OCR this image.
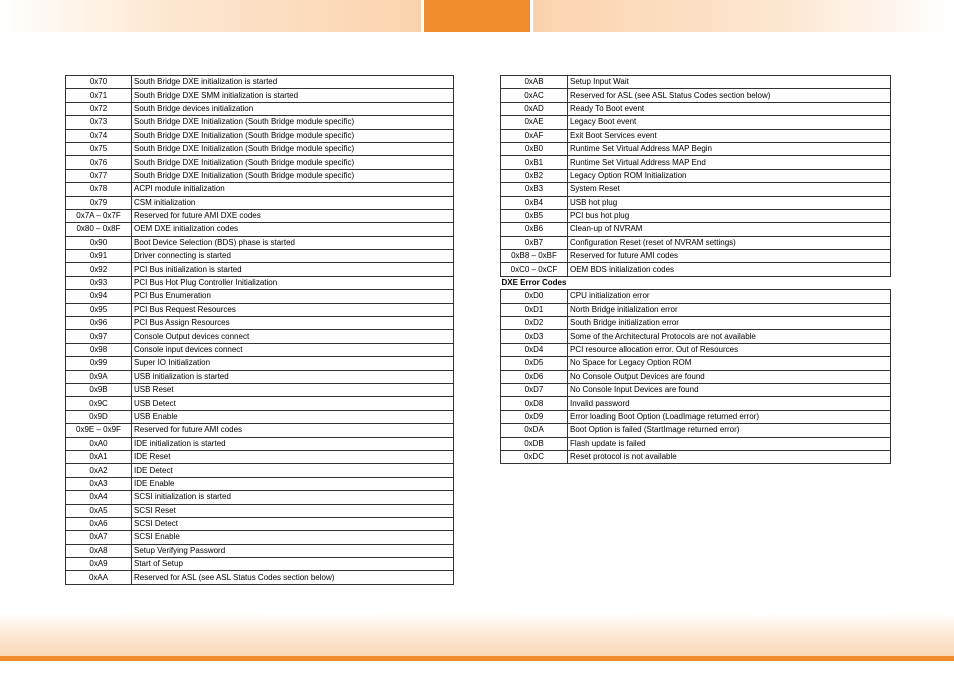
0x70	South Bridge DXE initialization is started
0x71	South Bridge DXE SMM initialization is started
0x72	South Bridge devices initialization
0x73	South Bridge DXE Initialization (South Bridge module specific)
0x74	South Bridge DXE Initialization (South Bridge module specific)
0x75	South Bridge DXE Initialization (South Bridge module specific)
0x76	South Bridge DXE Initialization (South Bridge module specific)
0x77	South Bridge DXE Initialization (South Bridge module specific)
0x78	ACPI module initialization
0x79	CSM initialization
0x7A – 0x7F	Reserved for future AMI DXE codes
0x80 – 0x8F	OEM DXE initialization codes
0x90	Boot Device Selection (BDS) phase is started
0x91	Driver connecting is started
0x92	PCI Bus initialization is started
0x93	PCI Bus Hot Plug Controller Initialization
0x94	PCI Bus Enumeration
0x95	PCI Bus Request Resources
0x96	PCI Bus Assign Resources
0x97	Console Output devices connect
0x98	Console input devices connect
0x99	Super IO Initialization
0x9A	USB initialization is started
0x9B	USB Reset
0x9C	USB Detect
0x9D	USB Enable
0x9E – 0x9F	Reserved for future AMI codes
0xA0	IDE initialization is started
0xA1	IDE Reset
0xA2	IDE Detect
0xA3	IDE Enable
0xA4	SCSI initialization is started
0xA5	SCSI Reset
0xA6	SCSI Detect
0xA7	SCSI Enable
0xA8	Setup Verifying Password
0xA9	Start of Setup
0xAA	Reserved for ASL (see ASL Status Codes section below)
0xAB	Setup Input Wait
0xAC	Reserved for ASL (see ASL Status Codes section below)
0xAD	Ready To Boot event
0xAE	Legacy Boot event
0xAF	Exit Boot Services event
0xB0	Runtime Set Virtual Address MAP Begin
0xB1	Runtime Set Virtual Address MAP End
0xB2	Legacy Option ROM Initialization
0xB3	System Reset
0xB4	USB hot plug
0xB5	PCI bus hot plug
0xB6	Clean-up of NVRAM
0xB7	Configuration Reset (reset of NVRAM settings)
0xB8 – 0xBF	Reserved for future AMI codes
0xC0 – 0xCF	OEM BDS initialization codes
DXE Error Codes	
0xD0	CPU initialization error
0xD1	North Bridge initialization error
0xD2	South Bridge initialization error
0xD3	Some of the Architectural Protocols are not available
0xD4	PCI resource allocation error. Out of Resources
0xD5	No Space for Legacy Option ROM
0xD6	No Console Output Devices are found
0xD7	No Console Input Devices are found
0xD8	Invalid password
0xD9	Error loading Boot Option (LoadImage returned error)
0xDA	Boot Option is failed (StartImage returned error)
0xDB	Flash update is failed
0xDC	Reset protocol is not available
